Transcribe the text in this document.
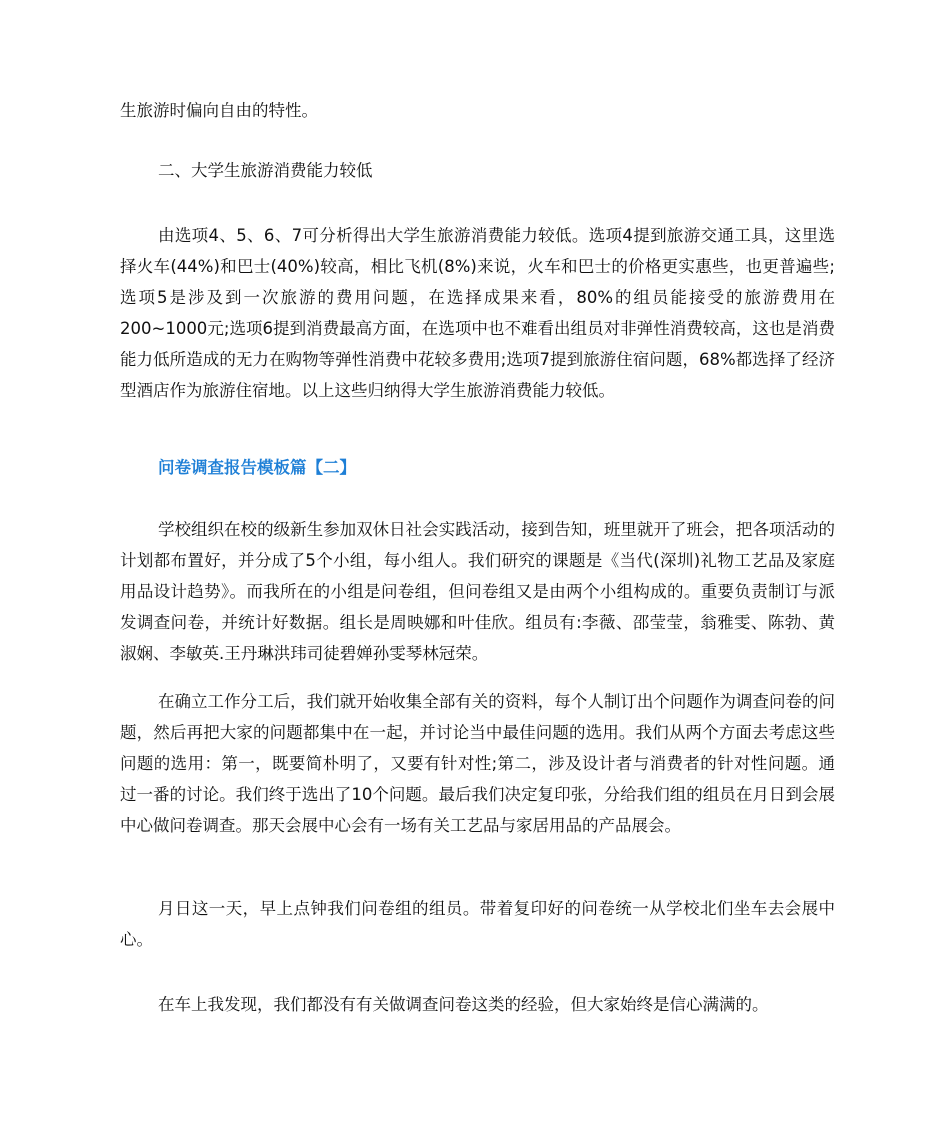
生旅游时偏向自由的特性。

二、大学生旅游消费能力较低

由选项4、5、6、7可分析得出大学生旅游消费能力较低。选项4提到旅游交通工具，这里选择火车(44%)和巴士(40%)较高，相比飞机(8%)来说，火车和巴士的价格更实惠些，也更普遍些;选项5是涉及到一次旅游的费用问题，在选择成果来看，80%的组员能接受的旅游费用在200~1000元;选项6提到消费最高方面，在选项中也不难看出组员对非弹性消费较高，这也是消费能力低所造成的无力在购物等弹性消费中花较多费用;选项7提到旅游住宿问题，68%都选择了经济型酒店作为旅游住宿地。以上这些归纳得大学生旅游消费能力较低。

问卷调查报告模板篇【二】

学校组织在校的级新生参加双休日社会实践活动，接到告知，班里就开了班会，把各项活动的计划都布置好，并分成了5个小组，每小组人。我们研究的课题是《当代(深圳)礼物工艺品及家庭用品设计趋势》。而我所在的小组是问卷组，但问卷组又是由两个小组构成的。重要负责制订与派发调查问卷，并统计好数据。组长是周映娜和叶佳欣。组员有:李薇、邵莹莹，翁雅雯、陈勃、黄淑娴、李敏英.王丹琳洪玮司徒碧婵孙雯琴林冠荣。

在确立工作分工后，我们就开始收集全部有关的资料，每个人制订出个问题作为调查问卷的问题，然后再把大家的问题都集中在一起，并讨论当中最佳问题的选用。我们从两个方面去考虑这些问题的选用：第一，既要简朴明了，又要有针对性;第二，涉及设计者与消费者的针对性问题。通过一番的讨论。我们终于选出了10个问题。最后我们决定复印张，分给我们组的组员在月日到会展中心做问卷调查。那天会展中心会有一场有关工艺品与家居用品的产品展会。

月日这一天，早上点钟我们问卷组的组员。带着复印好的问卷统一从学校北们坐车去会展中心。

在车上我发现，我们都没有有关做调查问卷这类的经验，但大家始终是信心满满的。
